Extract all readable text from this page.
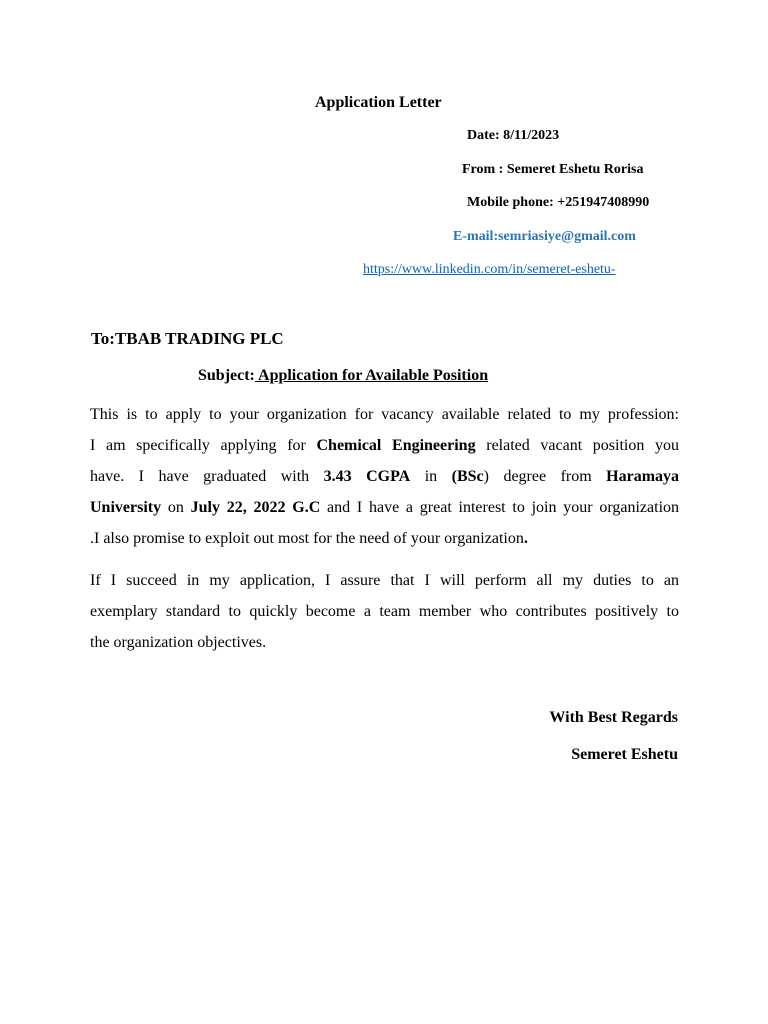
Application Letter
Date: 8/11/2023
From : Semeret Eshetu Rorisa
Mobile phone: +251947408990
E-mail:semriasiye@gmail.com
https://www.linkedin.com/in/semeret-eshetu-
To:TBAB TRADING PLC
Subject: Application for Available Position
This is to apply to your organization for vacancy available related to my profession:
I am specifically applying for Chemical Engineering related vacant position you
have. I have graduated with 3.43 CGPA in (BSc) degree from Haramaya
University on July 22, 2022 G.C and I have a great interest to join your organization
.I also promise to exploit out most for the need of your organization.
If I succeed in my application, I assure that I will perform all my duties to an
exemplary standard to quickly become a team member who contributes positively to
the organization objectives.
With Best Regards
Semeret Eshetu
